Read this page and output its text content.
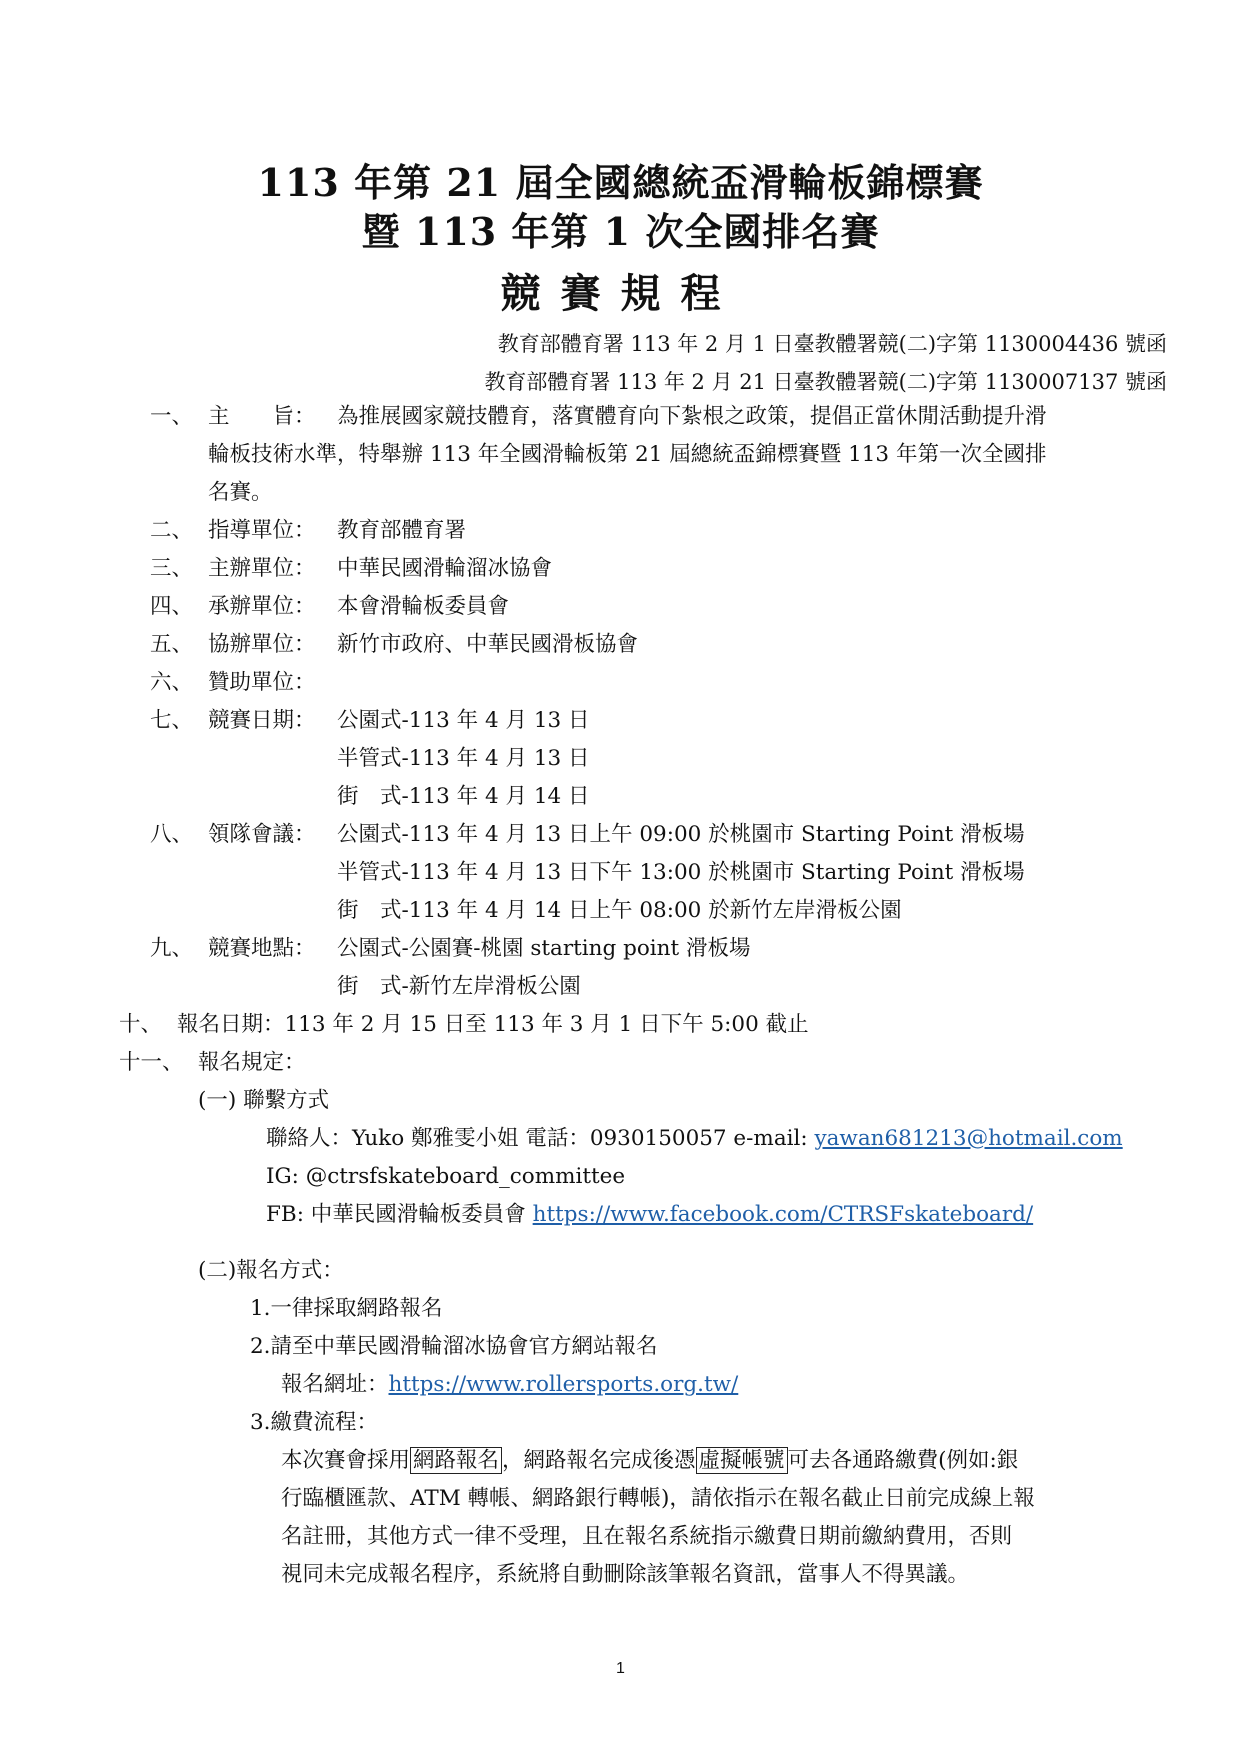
113 年第 21 屆全國總統盃滑輪板錦標賽
暨 113 年第 1 次全國排名賽
競賽規程
教育部體育署 113 年 2 月 1 日臺教體署競(二)字第 1130004436 號函
教育部體育署 113 年 2 月 21 日臺教體署競(二)字第 1130007137 號函
一、 主　　旨： 為推展國家競技體育，落實體育向下紮根之政策，提倡正當休閒活動提升滑
輪板技術水準，特舉辦 113 年全國滑輪板第 21 屆總統盃錦標賽暨 113 年第一次全國排
名賽。
二、 指導單位： 教育部體育署
三、 主辦單位： 中華民國滑輪溜冰協會
四、 承辦單位： 本會滑輪板委員會
五、 協辦單位： 新竹市政府、中華民國滑板協會
六、 贊助單位：
七、 競賽日期： 公園式-113 年 4 月 13 日
半管式-113 年 4 月 13 日
街　式-113 年 4 月 14 日
八、 領隊會議： 公園式-113 年 4 月 13 日上午 09:00 於桃園市 Starting Point 滑板場
半管式-113 年 4 月 13 日下午 13:00 於桃園市 Starting Point 滑板場
街　式-113 年 4 月 14 日上午 08:00 於新竹左岸滑板公園
九、 競賽地點： 公園式-公園賽-桃園 starting point 滑板場
街　式-新竹左岸滑板公園
十、 報名日期：113 年 2 月 15 日至 113 年 3 月 1 日下午 5:00 截止
十一、 報名規定：
(一) 聯繫方式
聯絡人：Yuko 鄭雅雯小姐 電話：0930150057 e-mail: yawan681213@hotmail.com
IG: @ctrsfskateboard_committee
FB: 中華民國滑輪板委員會 https://www.facebook.com/CTRSFskateboard/
(二)報名方式：
1.一律採取網路報名
2.請至中華民國滑輪溜冰協會官方網站報名
報名網址：https://www.rollersports.org.tw/
3.繳費流程：
本次賽會採用 網路報名 ，網路報名完成後憑 虛擬帳號 可去各通路繳費(例如:銀
行臨櫃匯款、ATM 轉帳、網路銀行轉帳)，請依指示在報名截止日前完成線上報
名註冊，其他方式一律不受理，且在報名系統指示繳費日期前繳納費用，否則
視同未完成報名程序，系統將自動刪除該筆報名資訊，當事人不得異議。
1
